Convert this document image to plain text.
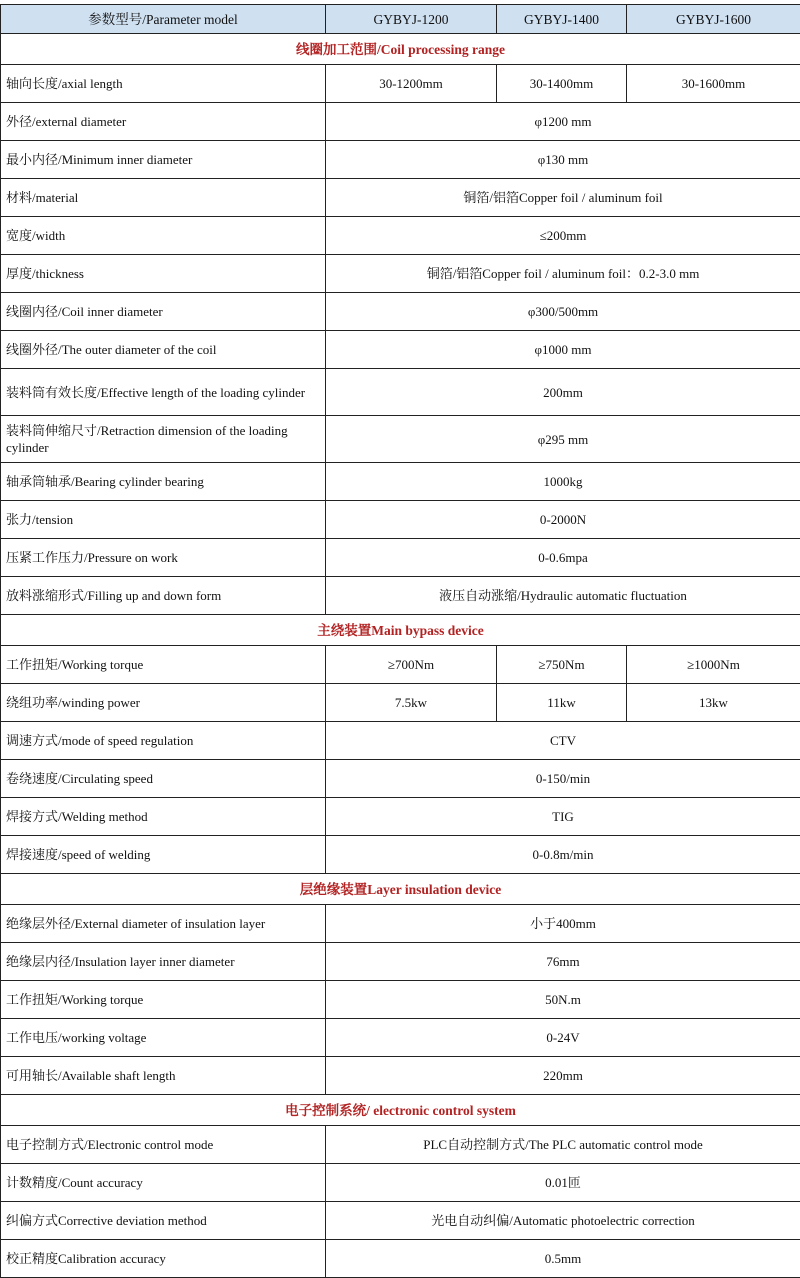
参数型号/Parameter model	GYBYJ-1200	GYBYJ-1400	GYBYJ-1600
线圈加工范围/Coil processing range			
轴向长度/axial length	30-1200mm	30-1400mm	30-1600mm
外径/external diameter	φ1200 mm		
最小内径/Minimum inner diameter	φ130 mm		
材料/material	铜箔/铝箔Copper foil / aluminum foil		
宽度/width	≤200mm		
厚度/thickness	铜箔/铝箔Copper foil / aluminum foil：0.2-3.0 mm		
线圈内径/Coil inner diameter	φ300/500mm		
线圈外径/The outer diameter of the coil	φ1000 mm		
装料筒有效长度/Effective length of the loading cylinder	200mm		
装料筒伸缩尺寸/Retraction dimension of the loading cylinder	φ295 mm		
轴承筒轴承/Bearing cylinder bearing	1000kg		
张力/tension	0-2000N		
压紧工作压力/Pressure on work	0-0.6mpa		
放料涨缩形式/Filling up and down form	液压自动涨缩/Hydraulic automatic fluctuation		
主绕装置Main bypass device			
工作扭矩/Working torque	≥700Nm	≥750Nm	≥1000Nm
绕组功率/winding power	7.5kw	11kw	13kw
调速方式/mode of speed regulation	CTV		
卷绕速度/Circulating speed	0-150/min		
焊接方式/Welding method	TIG		
焊接速度/speed of welding	0-0.8m/min		
层绝缘装置Layer insulation device			
绝缘层外径/External diameter of insulation layer	小于400mm		
绝缘层内径/Insulation layer inner diameter	76mm		
工作扭矩/Working torque	50N.m		
工作电压/working voltage	0-24V		
可用轴长/Available shaft length	220mm		
电子控制系统/ electronic control system			
电子控制方式/Electronic control mode	PLC自动控制方式/The PLC automatic control mode		
计数精度/Count accuracy	0.01匝		
纠偏方式Corrective deviation method	光电自动纠偏/Automatic photoelectric correction		
校正精度Calibration accuracy	0.5mm		
